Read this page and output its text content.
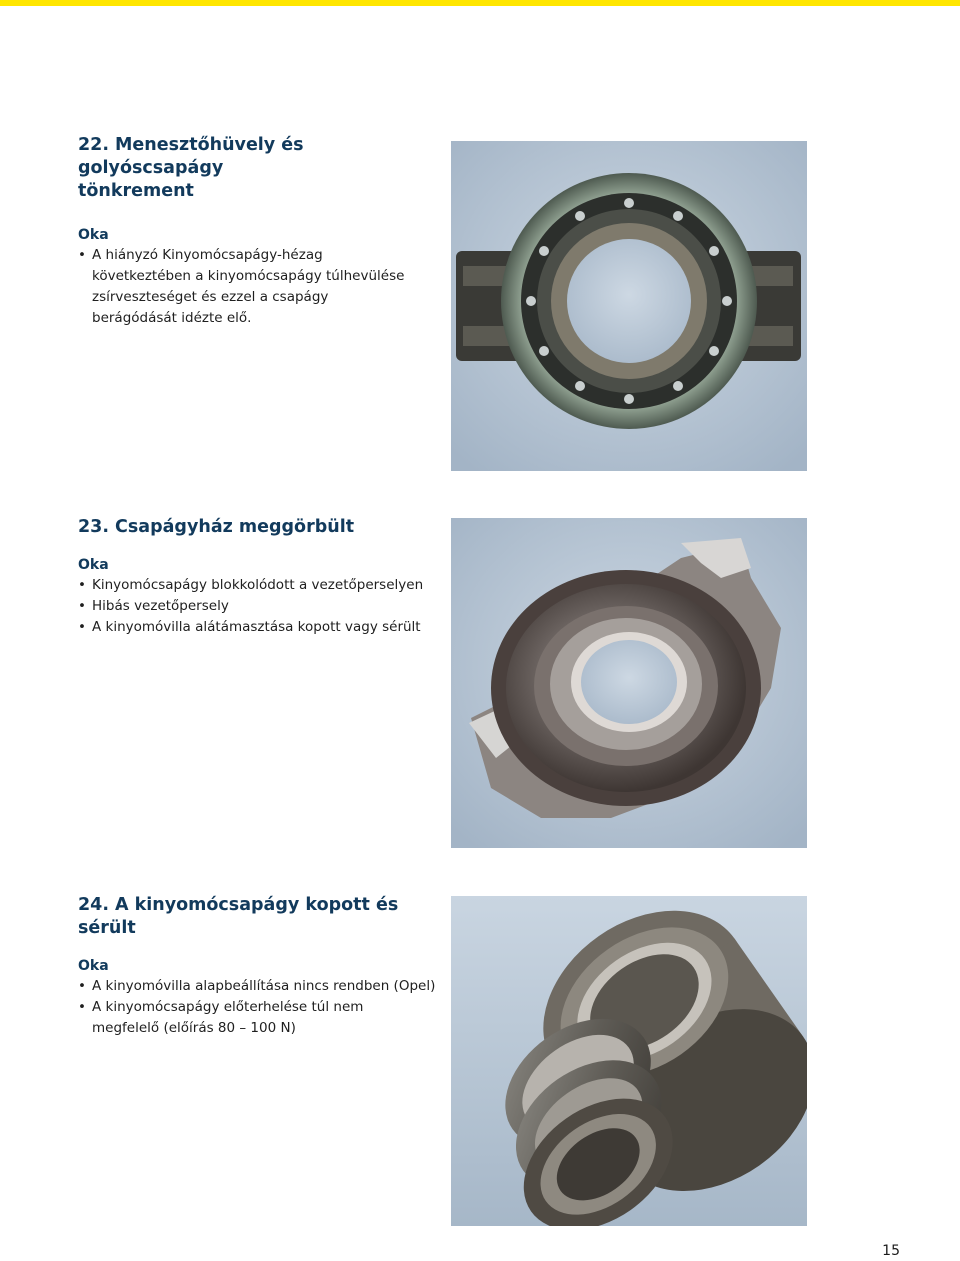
22. Menesztőhüvely és golyóscsapágy
tönkrement
Oka
• A hiányzó Kinyomócsapágy-hézag következtében a kinyomócsapágy túlhevülése zsírveszteséget és ezzel a csapágy berágódását idézte elő.
23. Csapágyház meggörbült
Oka
• Kinyomócsapágy blokkolódott a vezetőperselyen
• Hibás vezetőpersely
• A kinyomóvilla alátámasztása kopott vagy sérült
24. A kinyomócsapágy kopott és sérült
Oka
• A kinyomóvilla alapbeállítása nincs rendben (Opel)
• A kinyomócsapágy előterhelése túl nem megfelelő (előírás 80 – 100 N)
15
